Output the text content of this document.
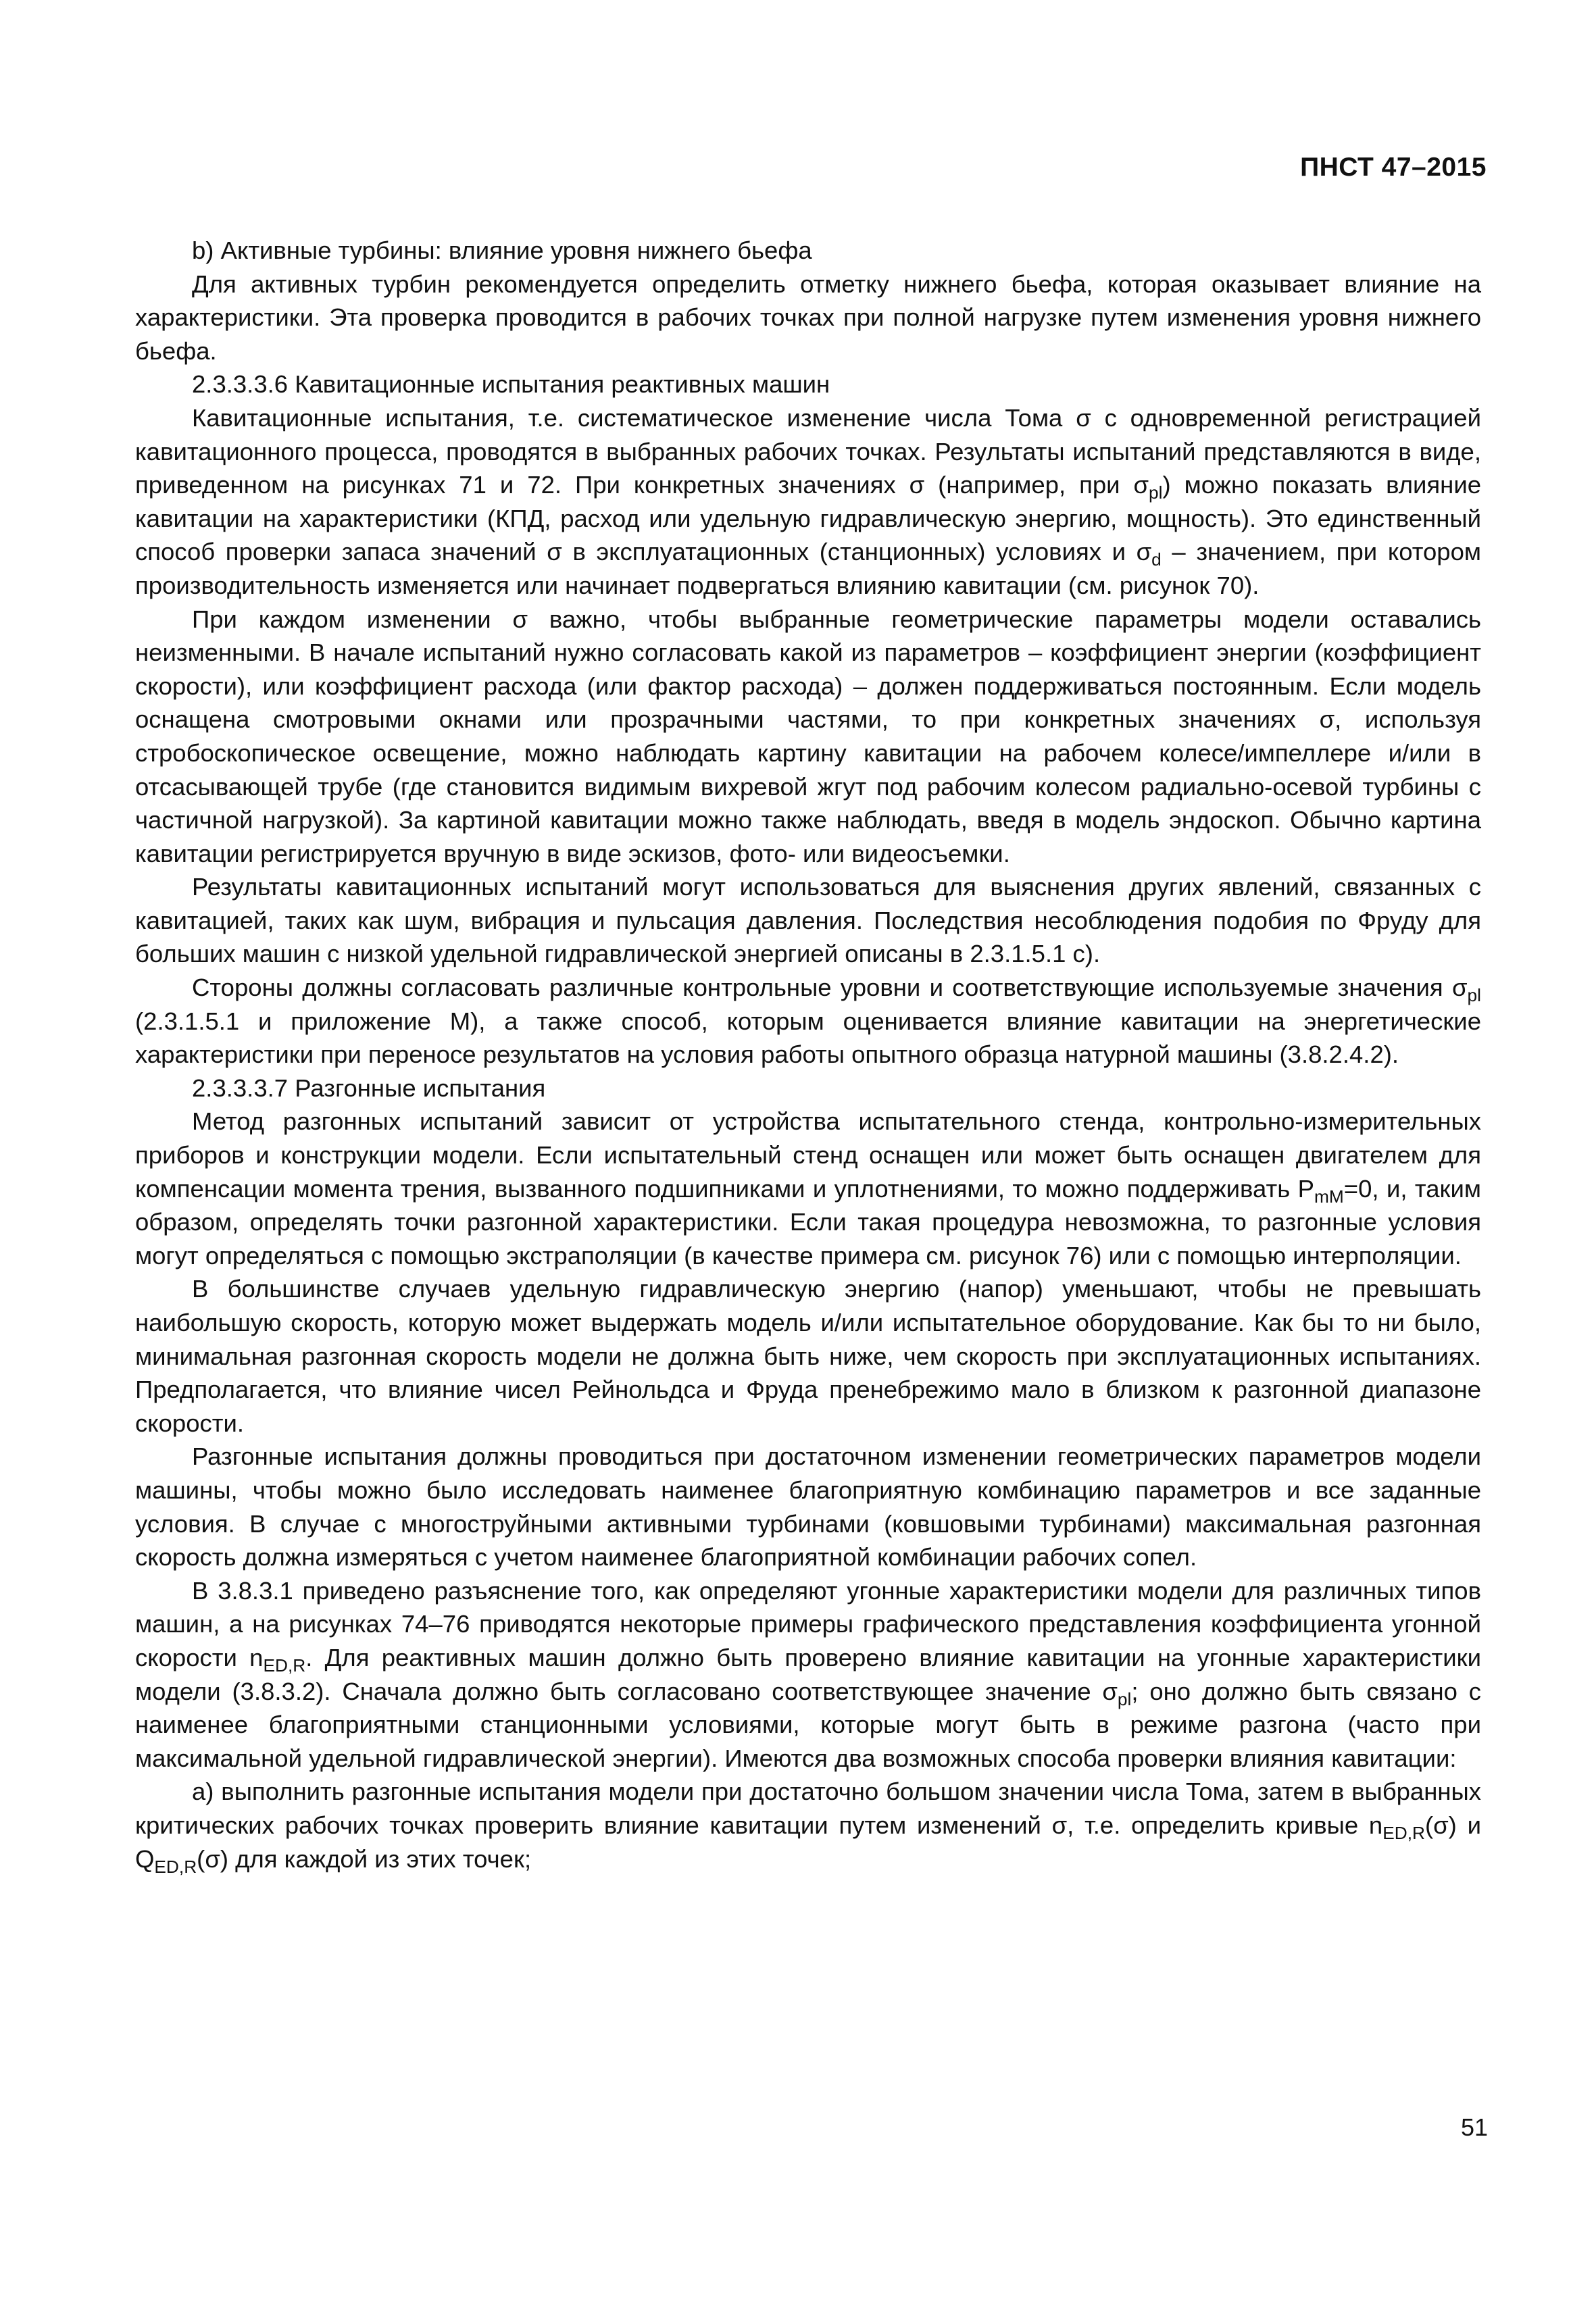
ПНСТ 47–2015

b) Активные турбины: влияние уровня нижнего бьефа

Для активных турбин рекомендуется определить отметку нижнего бьефа, которая оказывает влияние на характеристики. Эта проверка проводится в рабочих точках при полной нагрузке путем изменения уровня нижнего бьефа.

2.3.3.3.6 Кавитационные испытания реактивных машин

Кавитационные испытания, т.е. систематическое изменение числа Тома σ с одновременной регистрацией кавитационного процесса, проводятся в выбранных рабочих точках. Результаты испытаний представляются в виде, приведенном на рисунках 71 и 72. При конкретных значениях σ (например, при $\sigma_{pl}$) можно показать влияние кавитации на характеристики (КПД, расход или удельную гидравлическую энергию, мощность). Это единственный способ проверки запаса значений σ в эксплуатационных (станционных) условиях и $\sigma_d$ – значением, при котором производительность изменяется или начинает подвергаться влиянию кавитации (см. рисунок 70).

При каждом изменении σ важно, чтобы выбранные геометрические параметры модели оставались неизменными. В начале испытаний нужно согласовать какой из параметров – коэффициент энергии (коэффициент скорости), или коэффициент расхода (или фактор расхода) – должен поддерживаться постоянным. Если модель оснащена смотровыми окнами или прозрачными частями, то при конкретных значениях σ, используя стробоскопическое освещение, можно наблюдать картину кавитации на рабочем колесе/импеллере и/или в отсасывающей трубе (где становится видимым вихревой жгут под рабочим колесом радиально-осевой турбины с частичной нагрузкой). За картиной кавитации можно также наблюдать, введя в модель эндоскоп. Обычно картина кавитации регистрируется вручную в виде эскизов, фото- или видеосъемки.

Результаты кавитационных испытаний могут использоваться для выяснения других явлений, связанных с кавитацией, таких как шум, вибрация и пульсация давления. Последствия несоблюдения подобия по Фруду для больших машин с низкой удельной гидравлической энергией описаны в 2.3.1.5.1 с).

Стороны должны согласовать различные контрольные уровни и соответствующие используемые значения $\sigma_{pl}$ (2.3.1.5.1 и приложение М), а также способ, которым оценивается влияние кавитации на энергетические характеристики при переносе результатов на условия работы опытного образца натурной машины (3.8.2.4.2).

2.3.3.3.7 Разгонные испытания

Метод разгонных испытаний зависит от устройства испытательного стенда, контрольно-измерительных приборов и конструкции модели. Если испытательный стенд оснащен или может быть оснащен двигателем для компенсации момента трения, вызванного подшипниками и уплотнениями, то можно поддерживать $P_{mM}=0$, и, таким образом, определять точки разгонной характеристики. Если такая процедура невозможна, то разгонные условия могут определяться с помощью экстраполяции (в качестве примера см. рисунок 76) или с помощью интерполяции.

В большинстве случаев удельную гидравлическую энергию (напор) уменьшают, чтобы не превышать наибольшую скорость, которую может выдержать модель и/или испытательное оборудование. Как бы то ни было, минимальная разгонная скорость модели не должна быть ниже, чем скорость при эксплуатационных испытаниях. Предполагается, что влияние чисел Рейнольдса и Фруда пренебрежимо мало в близком к разгонной диапазоне скорости.

Разгонные испытания должны проводиться при достаточном изменении геометрических параметров модели машины, чтобы можно было исследовать наименее благоприятную комбинацию параметров и все заданные условия. В случае с многоструйными активными турбинами (ковшовыми турбинами) максимальная разгонная скорость должна измеряться с учетом наименее благоприятной комбинации рабочих сопел.

В 3.8.3.1 приведено разъяснение того, как определяют угонные характеристики модели для различных типов машин, а на рисунках 74–76 приводятся некоторые примеры графического представления коэффициента угонной скорости $n_{ED,R}$. Для реактивных машин должно быть проверено влияние кавитации на угонные характеристики модели (3.8.3.2). Сначала должно быть согласовано соответствующее значение $\sigma_{pl}$; оно должно быть связано с наименее благоприятными станционными условиями, которые могут быть в режиме разгона (часто при максимальной удельной гидравлической энергии). Имеются два возможных способа проверки влияния кавитации:

а) выполнить разгонные испытания модели при достаточно большом значении числа Тома, затем в выбранных критических рабочих точках проверить влияние кавитации путем изменений σ, т.е. определить кривые $n_{ED,R}(\sigma)$ и $Q_{ED,R}(\sigma)$ для каждой из этих точек;

51
